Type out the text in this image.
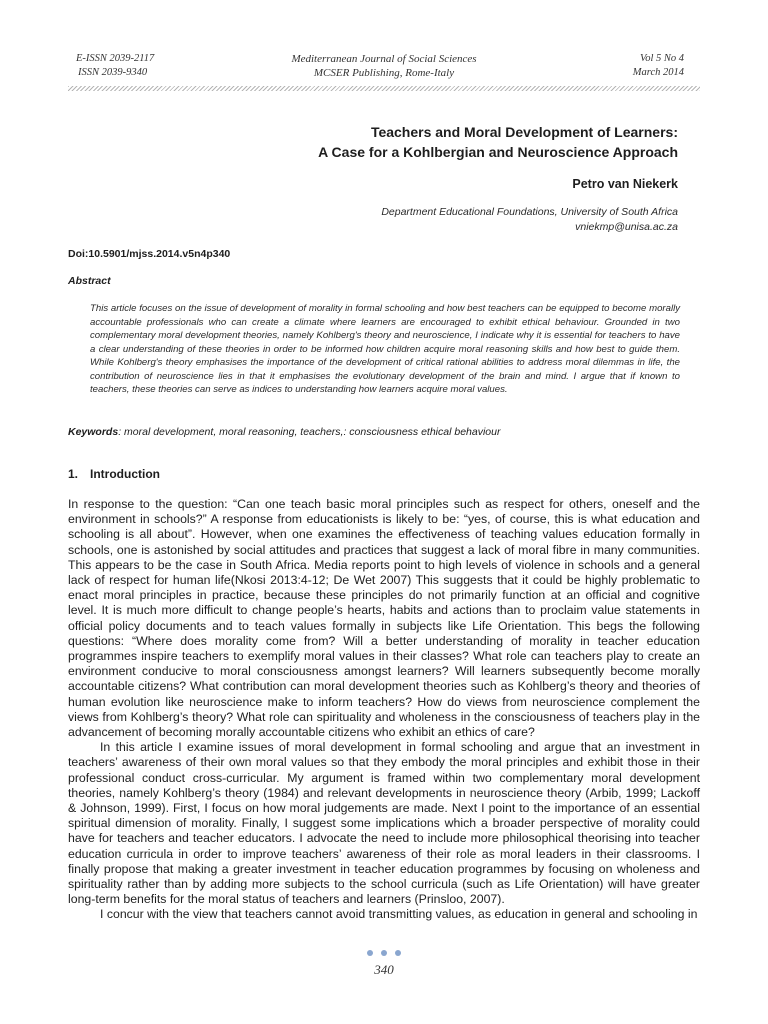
E-ISSN 2039-2117
ISSN 2039-9340
Mediterranean Journal of Social Sciences
MCSER Publishing, Rome-Italy
Vol 5 No 4
March 2014
Teachers and Moral Development of Learners:
A Case for a Kohlbergian and Neuroscience Approach
Petro van Niekerk
Department Educational Foundations, University of South Africa
vniekmp@unisa.ac.za
Doi:10.5901/mjss.2014.v5n4p340
Abstract
This article focuses on the issue of development of morality in formal schooling and how best teachers can be equipped to become morally accountable professionals who can create a climate where learners are encouraged to exhibit ethical behaviour. Grounded in two complementary moral development theories, namely Kohlberg's theory and neuroscience, I indicate why it is essential for teachers to have a clear understanding of these theories in order to be informed how children acquire moral reasoning skills and how best to guide them. While Kohlberg's theory emphasises the importance of the development of critical rational abilities to address moral dilemmas in life, the contribution of neuroscience lies in that it emphasises the evolutionary development of the brain and mind. I argue that if known to teachers, these theories can serve as indices to understanding how learners acquire moral values.
Keywords: moral development, moral reasoning, teachers,: consciousness ethical behaviour
1. Introduction

In response to the question: “Can one teach basic moral principles such as respect for others, oneself and the environment in schools?” A response from educationists is likely to be: “yes, of course, this is what education and schooling is all about”. However, when one examines the effectiveness of teaching values education formally in schools, one is astonished by social attitudes and practices that suggest a lack of moral fibre in many communities. This appears to be the case in South Africa. Media reports point to high levels of violence in schools and a general lack of respect for human life(Nkosi 2013:4-12; De Wet 2007) This suggests that it could be highly problematic to enact moral principles in practice, because these principles do not primarily function at an official and cognitive level. It is much more difficult to change people’s hearts, habits and actions than to proclaim value statements in official policy documents and to teach values formally in subjects like Life Orientation. This begs the following questions: “Where does morality come from? Will a better understanding of morality in teacher education programmes inspire teachers to exemplify moral values in their classes? What role can teachers play to create an environment conducive to moral consciousness amongst learners? Will learners subsequently become morally accountable citizens? What contribution can moral development theories such as Kohlberg’s theory and theories of human evolution like neuroscience make to inform teachers? How do views from neuroscience complement the views from Kohlberg’s theory? What role can spirituality and wholeness in the consciousness of teachers play in the advancement of becoming morally accountable citizens who exhibit an ethics of care?

In this article I examine issues of moral development in formal schooling and argue that an investment in teachers’ awareness of their own moral values so that they embody the moral principles and exhibit those in their professional conduct cross-curricular. My argument is framed within two complementary moral development theories, namely Kohlberg’s theory (1984) and relevant developments in neuroscience theory (Arbib, 1999; Lackoff & Johnson, 1999). First, I focus on how moral judgements are made. Next I point to the importance of an essential spiritual dimension of morality. Finally, I suggest some implications which a broader perspective of morality could have for teachers and teacher educators. I advocate the need to include more philosophical theorising into teacher education curricula in order to improve teachers’ awareness of their role as moral leaders in their classrooms. I finally propose that making a greater investment in teacher education programmes by focusing on wholeness and spirituality rather than by adding more subjects to the school curricula (such as Life Orientation) will have greater long-term benefits for the moral status of teachers and learners (Prinsloo, 2007).

I concur with the view that teachers cannot avoid transmitting values, as education in general and schooling in

340
